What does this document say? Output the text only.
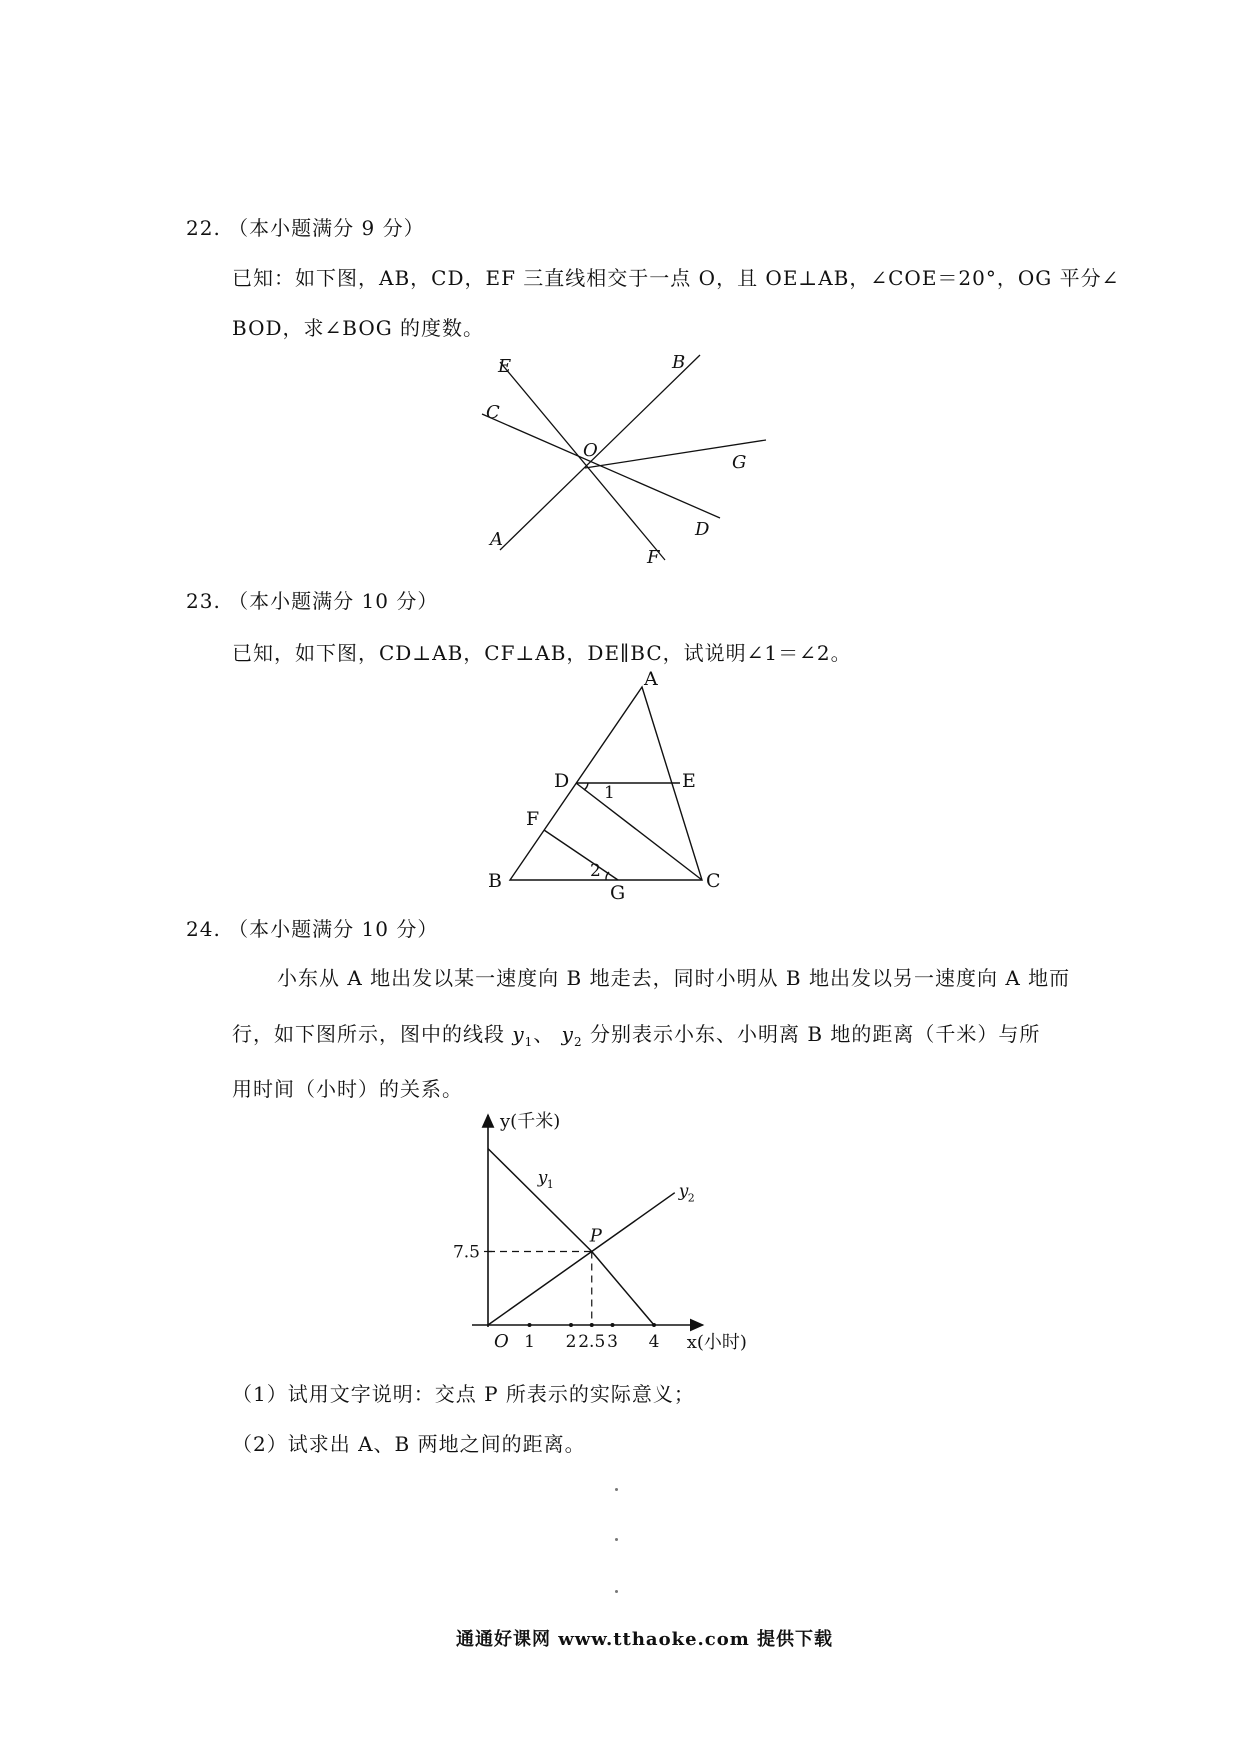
22. （本小题满分 9 分）
已知：如下图，AB，CD，EF 三直线相交于一点 O，且 OE⊥AB，∠COE＝20°，OG 平分∠
BOD，求∠BOG 的度数。
E	B
C
O
G
D
A
F
23. （本小题满分 10 分）
已知，如下图，CD⊥AB，CF⊥AB，DE∥BC，试说明∠1＝∠2。
A
D	E
F
B
G
C
1
2
24. （本小题满分 10 分）
小东从 A 地出发以某一速度向 B 地走去，同时小明从 B 地出发以另一速度向 A 地而
行，如下图所示，图中的线段 $y_1$、 $y_2$ 分别表示小东、小明离 B 地的距离（千米）与所
用时间（小时）的关系。
y(千米)
x(小时)
O 1 2 2.5 3 4
7.5
y 1	y 2
P
（1）试用文字说明：交点 P 所表示的实际意义；
（2）试求出 A、B 两地之间的距离。
通通好课网 www.tthaoke.com 提供下载
